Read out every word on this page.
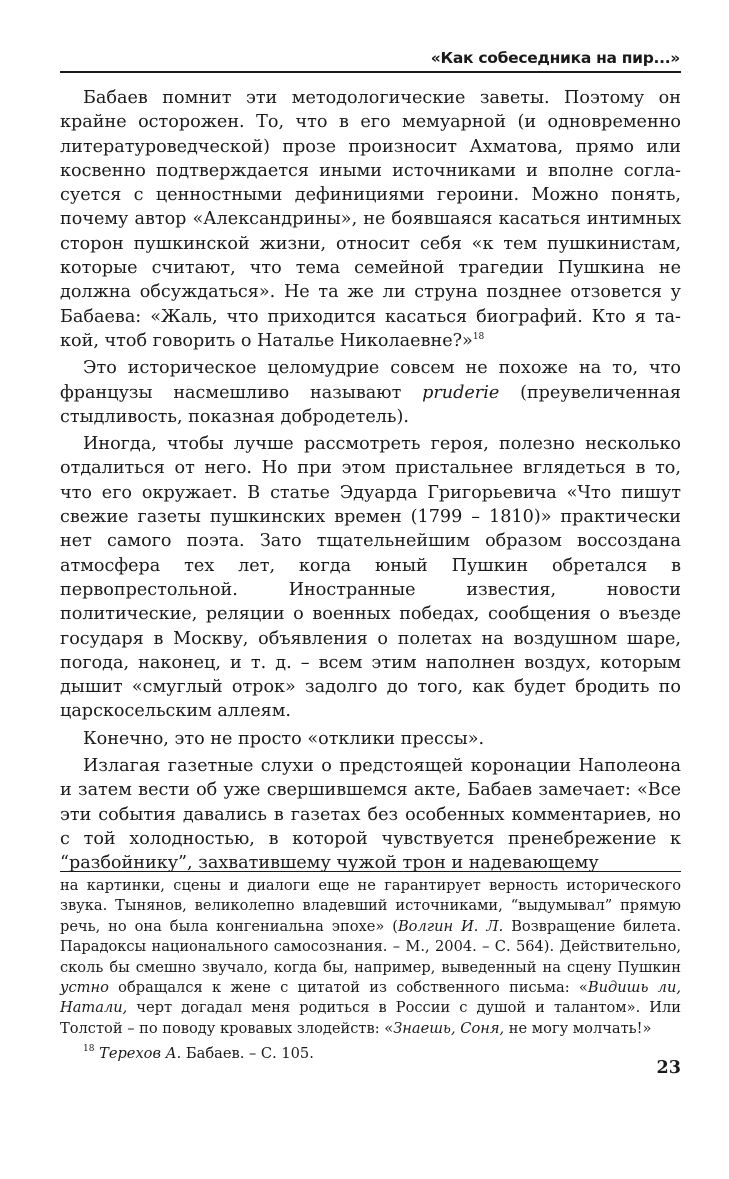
«Как собеседника на пир...»

Бабаев помнит эти методологические заветы. Поэтому он крайне осторожен. То, что в его мемуарной (и одновременно литературоведческой) прозе произносит Ахматова, прямо или косвенно подтверждается иными источниками и вполне согласуется с ценностными дефинициями героини. Можно понять, почему автор «Александрины», не боявшаяся касаться интимных сторон пушкинской жизни, относит себя «к тем пушкинистам, которые считают, что тема семейной трагедии Пушкина не должна обсуждаться». Не та же ли струна позднее отзовется у Бабаева: «Жаль, что приходится касаться биографий. Кто я такой, чтоб говорить о Наталье Николаевне?»$^{18}$

Это историческое целомудрие совсем не похоже на то, что французы насмешливо называют pruderie (преувеличенная стыдливость, показная добродетель).

Иногда, чтобы лучше рассмотреть героя, полезно несколько отдалиться от него. Но при этом пристальнее вглядеться в то, что его окружает. В статье Эдуарда Григорьевича «Что пишут свежие газеты пушкинских времен (1799 – 1810)» практически нет самого поэта. Зато тщательнейшим образом воссоздана атмосфера тех лет, когда юный Пушкин обретался в первопрестольной. Иностранные известия, новости политические, реляции о военных победах, сообщения о въезде государя в Москву, объявления о полетах на воздушном шаре, погода, наконец, и т. д. – всем этим наполнен воздух, которым дышит «смуглый отрок» задолго до того, как будет бродить по царскосельским аллеям.

Конечно, это не просто «отклики прессы».

Излагая газетные слухи о предстоящей коронации Наполеона и затем вести об уже свершившемся акте, Бабаев замечает: «Все эти события давались в газетах без особенных комментариев, но с той холодностью, в которой чувствуется пренебрежение к “разбойнику”, захватившему чужой трон и надевающему

на картинки, сцены и диалоги еще не гарантирует верность исторического звука. Тынянов, великолепно владевший источниками, “выдумывал” прямую речь, но она была конгениальна эпохе» (Волгин И. Л. Возвращение билета. Парадоксы национального самосознания. – М., 2004. – С. 564). Действительно, сколь бы смешно звучало, когда бы, например, выведенный на сцену Пушкин устно обращался к жене с цитатой из собственного письма: «Видишь ли, Натали, черт догадал меня родиться в России с душой и талантом». Или Толстой – по поводу кровавых злодейств: «Знаешь, Соня, не могу молчать!»

$^{18}$ Терехов А. Бабаев. – С. 105.

23
